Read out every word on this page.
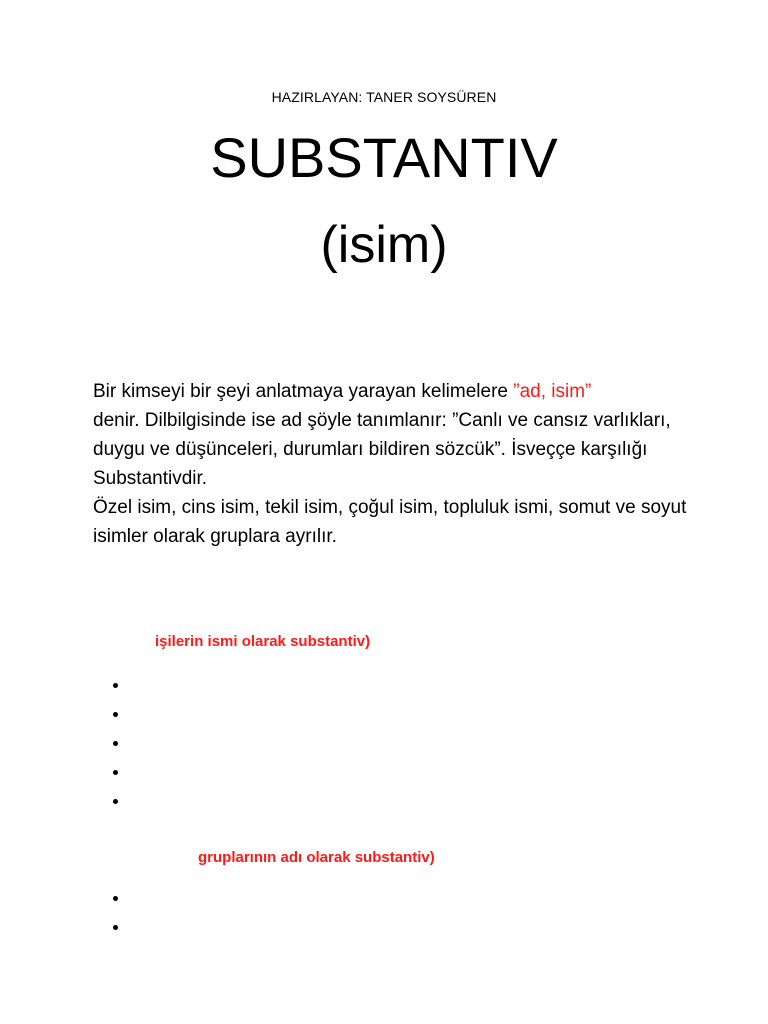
HAZIRLAYAN: TANER SOYSÜREN
SUBSTANTIV
(isim)

Bir kimseyi bir şeyi anlatmaya yarayan kelimelere ”ad, isim”
denir. Dilbilgisinde ise ad şöyle tanımlanır: ”Canlı ve cansız varlıkları, duygu ve düşünceleri, durumları bildiren sözcük”. İsveççe karşılığı Substantivdir.

Özel isim, cins isim, tekil isim, çoğul isim, topluluk ismi, somut ve soyut isimler olarak gruplara ayrılır.

işilerin ismi olarak substantiv)
gruplarının adı olarak substantiv)
